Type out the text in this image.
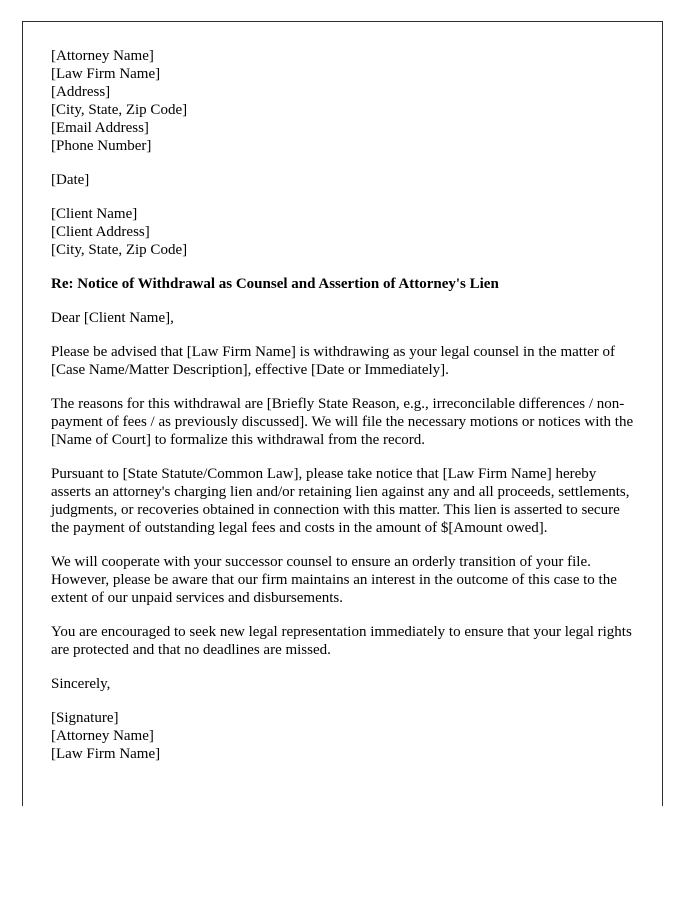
[Attorney Name]
[Law Firm Name]
[Address]
[City, State, Zip Code]
[Email Address]
[Phone Number]
[Date]
[Client Name]
[Client Address]
[City, State, Zip Code]
Re: Notice of Withdrawal as Counsel and Assertion of Attorney's Lien
Dear [Client Name],
Please be advised that [Law Firm Name] is withdrawing as your legal counsel in the matter of [Case Name/Matter Description], effective [Date or Immediately].
The reasons for this withdrawal are [Briefly State Reason, e.g., irreconcilable differences / non-payment of fees / as previously discussed]. We will file the necessary motions or notices with the [Name of Court] to formalize this withdrawal from the record.
Pursuant to [State Statute/Common Law], please take notice that [Law Firm Name] hereby asserts an attorney's charging lien and/or retaining lien against any and all proceeds, settlements, judgments, or recoveries obtained in connection with this matter. This lien is asserted to secure the payment of outstanding legal fees and costs in the amount of $[Amount owed].
We will cooperate with your successor counsel to ensure an orderly transition of your file. However, please be aware that our firm maintains an interest in the outcome of this case to the extent of our unpaid services and disbursements.
You are encouraged to seek new legal representation immediately to ensure that your legal rights are protected and that no deadlines are missed.
Sincerely,
[Signature]
[Attorney Name]
[Law Firm Name]
